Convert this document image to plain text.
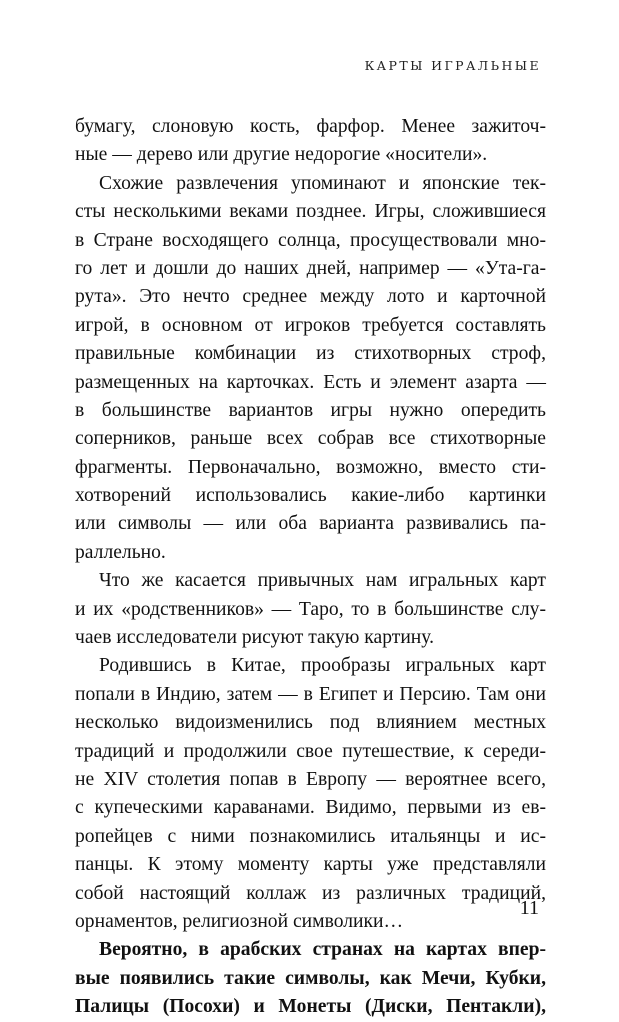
КАРТЫ ИГРАЛЬНЫЕ
бумагу, слоновую кость, фарфор. Менее зажиточ-
ные — дерево или другие недорогие «носители».
Схожие развлечения упоминают и японские тек-
сты несколькими веками позднее. Игры, сложившиеся
в Стране восходящего солнца, просуществовали мно-
го лет и дошли до наших дней, например — «Ута-га-
рута». Это нечто среднее между лото и карточной
игрой, в основном от игроков требуется составлять
правильные комбинации из стихотворных строф,
размещенных на карточках. Есть и элемент азарта —
в большинстве вариантов игры нужно опередить
соперников, раньше всех собрав все стихотворные
фрагменты. Первоначально, возможно, вместо сти-
хотворений использовались какие-либо картинки
или символы — или оба варианта развивались па-
раллельно.
Что же касается привычных нам игральных карт
и их «родственников» — Таро, то в большинстве слу-
чаев исследователи рисуют такую картину.
Родившись в Китае, прообразы игральных карт
попали в Индию, затем — в Египет и Персию. Там они
несколько видоизменились под влиянием местных
традиций и продолжили свое путешествие, к середи-
не XIV столетия попав в Европу — вероятнее всего,
с купеческими караванами. Видимо, первыми из ев-
ропейцев с ними познакомились итальянцы и ис-
панцы. К этому моменту карты уже представляли
собой настоящий коллаж из различных традиций,
орнаментов, религиозной символики…
Вероятно, в арабских странах на картах впер-
вые появились такие символы, как Мечи, Кубки,
Палицы (Посохи) и Монеты (Диски, Пентакли),
11
